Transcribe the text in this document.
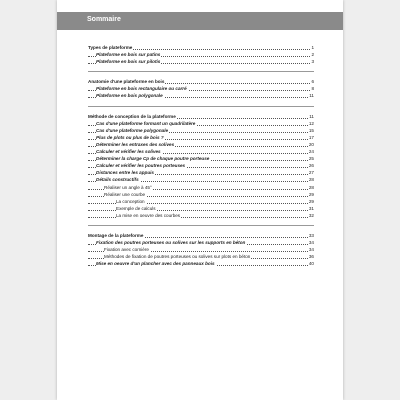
Sommaire
Types de plateforme	1
Plateforme en bois sur patins	2
Plateforme en bois sur pilotis	3
Anatomie d'une plateforme en bois	6
Plateforme en bois rectangulaire ou carré	8
Plateforme en bois polygonale	11
Méthode de conception de la plateforme	11
Cas d'une plateforme formant un quadrilatère	12
Cas d'une plateforme polygonale	15
Plus de plots ou plus de bois ?	17
Déterminer les entraxes des solives	20
Calculer et vérifier les solives	24
Déterminer la charge Cp de chaque poutre porteuse	25
Calculer et vérifier les poutres porteuses	26
Distances entre les appuis	27
Détails constructifs	28
Réaliser un angle à 45°	28
Réaliser une courbe	29
La conception	29
Exemple de calculs	31
La mise en oeuvre des courbes	32
Montage de la plateforme	33
Fixation des poutres porteuses ou solives sur les supports en béton	34
Fixation avec cornière	34
Méthodes de fixation de poutres porteuses ou solives sur plots en béton	36
Mise en oeuvre d'un plancher avec des panneaux bois	40
